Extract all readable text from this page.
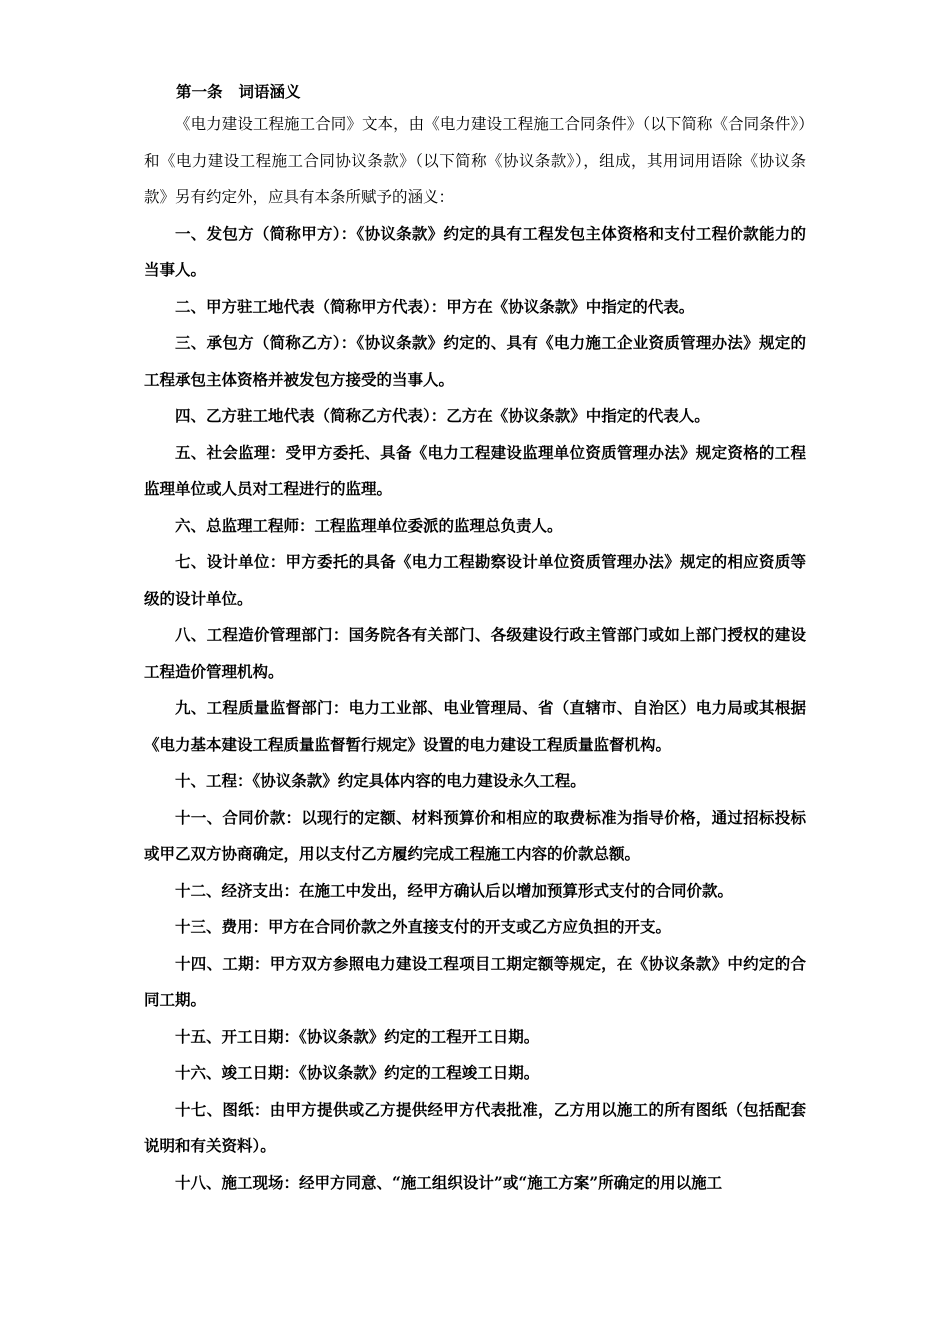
第一条 词语涵义

《电力建设工程施工合同》文本，由《电力建设工程施工合同条件》（以下简称《合同条件》）和《电力建设工程施工合同协议条款》（以下简称《协议条款》），组成，其用词用语除《协议条款》另有约定外，应具有本条所赋予的涵义：

一、发包方（简称甲方）：《协议条款》约定的具有工程发包主体资格和支付工程价款能力的当事人。

二、甲方驻工地代表（简称甲方代表）：甲方在《协议条款》中指定的代表。

三、承包方（简称乙方）：《协议条款》约定的、具有《电力施工企业资质管理办法》规定的工程承包主体资格并被发包方接受的当事人。

四、乙方驻工地代表（简称乙方代表）：乙方在《协议条款》中指定的代表人。

五、社会监理：受甲方委托、具备《电力工程建设监理单位资质管理办法》规定资格的工程监理单位或人员对工程进行的监理。

六、总监理工程师：工程监理单位委派的监理总负责人。

七、设计单位：甲方委托的具备《电力工程勘察设计单位资质管理办法》规定的相应资质等级的设计单位。

八、工程造价管理部门：国务院各有关部门、各级建设行政主管部门或如上部门授权的建设工程造价管理机构。

九、工程质量监督部门：电力工业部、电业管理局、省（直辖市、自治区）电力局或其根据《电力基本建设工程质量监督暂行规定》设置的电力建设工程质量监督机构。

十、工程：《协议条款》约定具体内容的电力建设永久工程。

十一、合同价款：以现行的定额、材料预算价和相应的取费标准为指导价格，通过招标投标或甲乙双方协商确定，用以支付乙方履约完成工程施工内容的价款总额。

十二、经济支出：在施工中发出，经甲方确认后以增加预算形式支付的合同价款。

十三、费用：甲方在合同价款之外直接支付的开支或乙方应负担的开支。

十四、工期：甲方双方参照电力建设工程项目工期定额等规定，在《协议条款》中约定的合同工期。

十五、开工日期：《协议条款》约定的工程开工日期。

十六、竣工日期：《协议条款》约定的工程竣工日期。

十七、图纸：由甲方提供或乙方提供经甲方代表批准，乙方用以施工的所有图纸（包括配套说明和有关资料）。

十八、施工现场：经甲方同意、“施工组织设计”或“施工方案”所确定的用以施工
